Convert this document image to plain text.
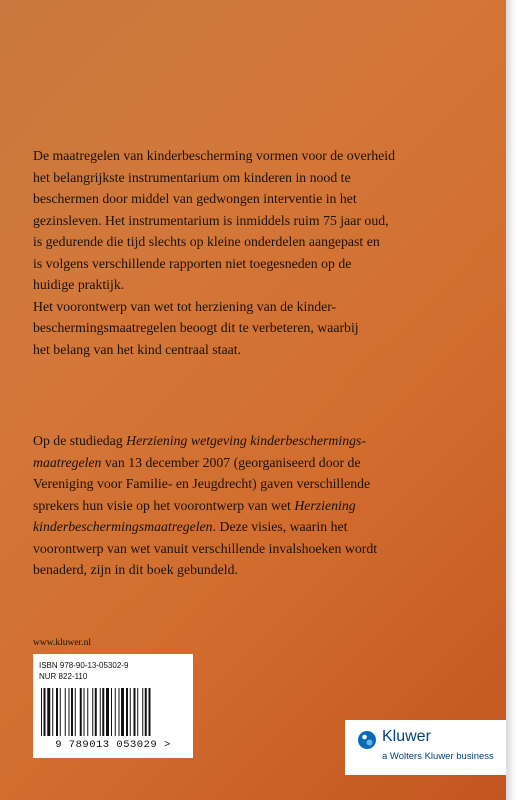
De maatregelen van kinderbescherming vormen voor de overheid
het belangrijkste instrumentarium om kinderen in nood te
beschermen door middel van gedwongen interventie in het
gezinsleven. Het instrumentarium is inmiddels ruim 75 jaar oud,
is gedurende die tijd slechts op kleine onderdelen aangepast en
is volgens verschillende rapporten niet toegesneden op de
huidige praktijk.
Het voorontwerp van wet tot herziening van de kinder-
beschermingsmaatregelen beoogt dit te verbeteren, waarbij
het belang van het kind centraal staat.
Op de studiedag Herziening wetgeving kinderbeschermings-
maatregelen van 13 december 2007 (georganiseerd door de
Vereniging voor Familie- en Jeugdrecht) gaven verschillende
sprekers hun visie op het voorontwerp van wet Herziening
kinderbeschermingsmaatregelen. Deze visies, waarin het
voorontwerp van wet vanuit verschillende invalshoeken wordt
benaderd, zijn in dit boek gebundeld.
www.kluwer.nl
ISBN 978-90-13-05302-9
NUR 822-110
9 789013 053029 >	Kluwer
a Wolters Kluwer business
